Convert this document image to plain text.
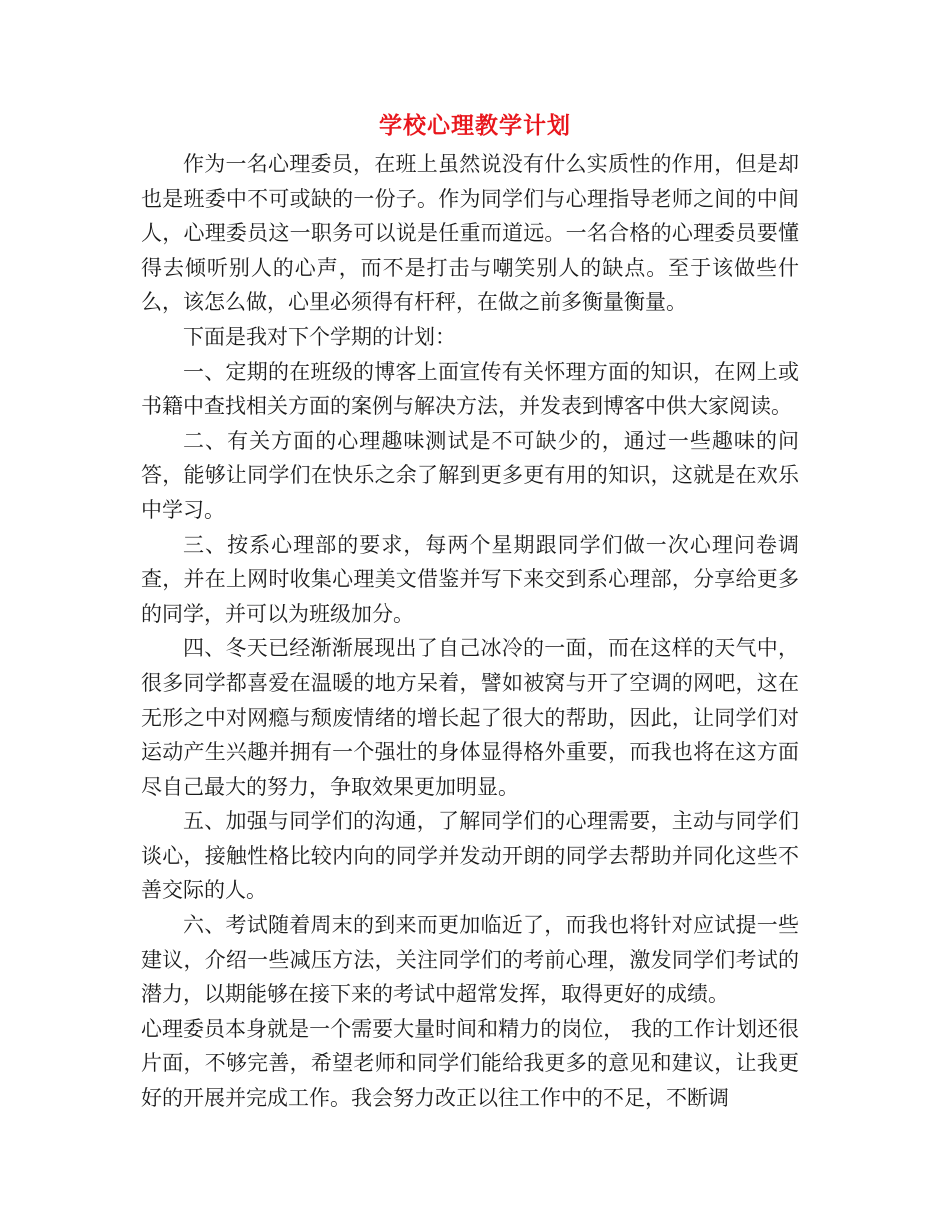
学校心理教学计划

作为一名心理委员，在班上虽然说没有什么实质性的作用，但是却也是班委中不可或缺的一份子。作为同学们与心理指导老师之间的中间人，心理委员这一职务可以说是任重而道远。一名合格的心理委员要懂得去倾听别人的心声，而不是打击与嘲笑别人的缺点。至于该做些什么，该怎么做，心里必须得有杆秤，在做之前多衡量衡量。

下面是我对下个学期的计划：

一、定期的在班级的博客上面宣传有关怀理方面的知识，在网上或书籍中查找相关方面的案例与解决方法，并发表到博客中供大家阅读。

二、有关方面的心理趣味测试是不可缺少的，通过一些趣味的问答，能够让同学们在快乐之余了解到更多更有用的知识，这就是在欢乐中学习。

三、按系心理部的要求，每两个星期跟同学们做一次心理问卷调查，并在上网时收集心理美文借鉴并写下来交到系心理部，分享给更多的同学，并可以为班级加分。

四、冬天已经渐渐展现出了自己冰冷的一面，而在这样的天气中，很多同学都喜爱在温暖的地方呆着，譬如被窝与开了空调的网吧，这在无形之中对网瘾与颓废情绪的增长起了很大的帮助，因此，让同学们对运动产生兴趣并拥有一个强壮的身体显得格外重要，而我也将在这方面尽自己最大的努力，争取效果更加明显。

五、加强与同学们的沟通，了解同学们的心理需要，主动与同学们谈心，接触性格比较内向的同学并发动开朗的同学去帮助并同化这些不善交际的人。

六、考试随着周末的到来而更加临近了，而我也将针对应试提一些建议，介绍一些减压方法，关注同学们的考前心理，激发同学们考试的潜力，以期能够在接下来的考试中超常发挥，取得更好的成绩。

心理委员本身就是一个需要大量时间和精力的岗位， 我的工作计划还很片面，不够完善，希望老师和同学们能给我更多的意见和建议，让我更好的开展并完成工作。我会努力改正以往工作中的不足，不断调
